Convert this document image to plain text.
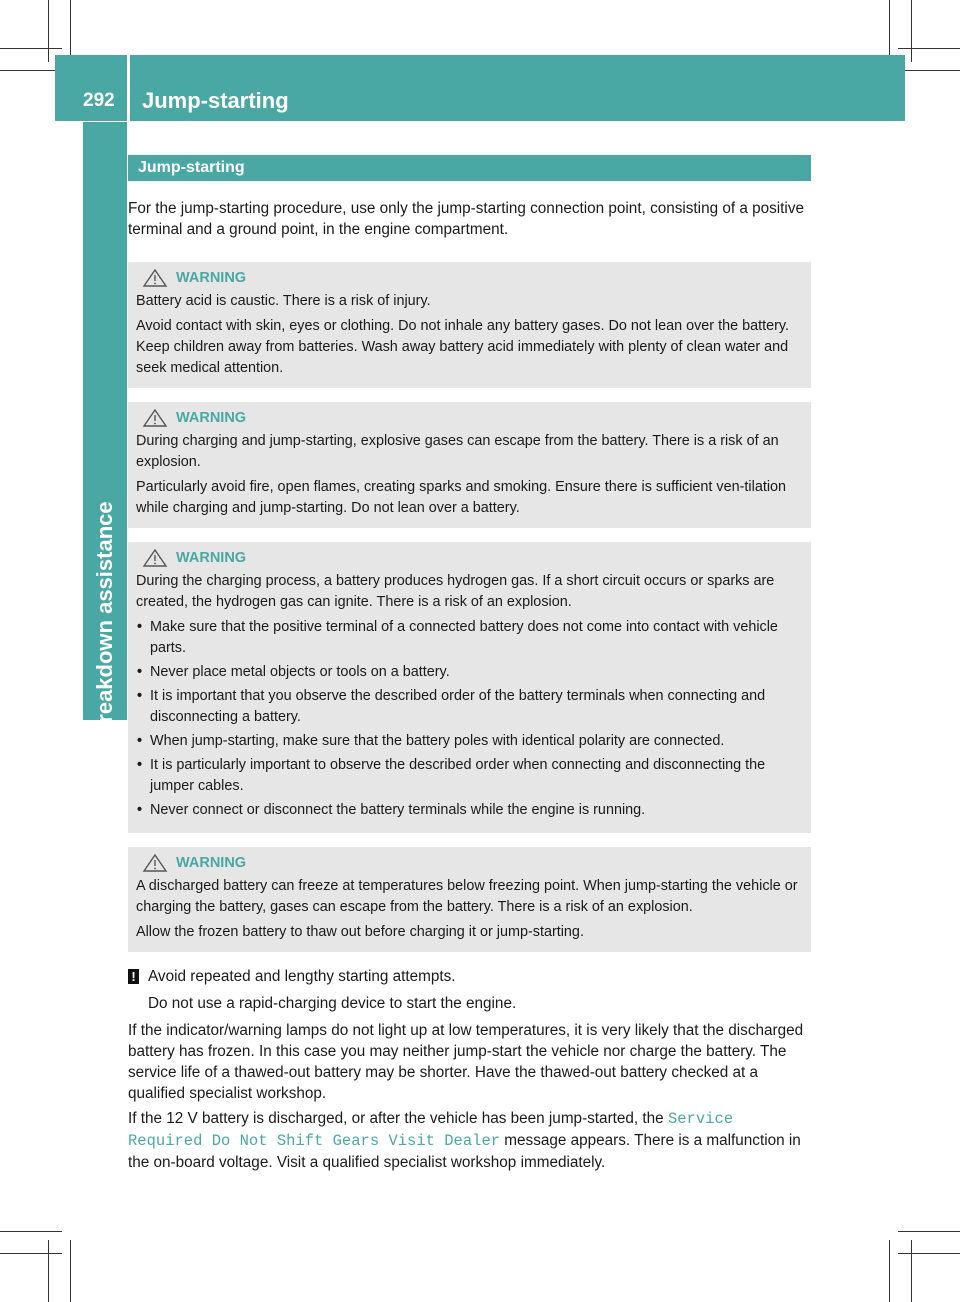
292 Jump-starting
Breakdown assistance
Jump-starting

For the jump-starting procedure, use only the jump-starting connection point, consisting of a positive terminal and a ground point, in the engine compartment.

WARNING

Battery acid is caustic. There is a risk of injury.

Avoid contact with skin, eyes or clothing. Do not inhale any battery gases. Do not lean over the battery. Keep children away from batteries. Wash away battery acid immediately with plenty of clean water and seek medical attention.

WARNING

During charging and jump-starting, explosive gases can escape from the battery. There is a risk of an explosion.

Particularly avoid fire, open flames, creating sparks and smoking. Ensure there is sufficient ven-tilation while charging and jump-starting. Do not lean over a battery.

WARNING

During the charging process, a battery produces hydrogen gas. If a short circuit occurs or sparks are created, the hydrogen gas can ignite. There is a risk of an explosion.

• Make sure that the positive terminal of a connected battery does not come into contact with vehicle parts.
• Never place metal objects or tools on a battery.
• It is important that you observe the described order of the battery terminals when connecting and disconnecting a battery.
• When jump-starting, make sure that the battery poles with identical polarity are connected.
• It is particularly important to observe the described order when connecting and disconnecting the jumper cables.
• Never connect or disconnect the battery terminals while the engine is running.
WARNING

A discharged battery can freeze at temperatures below freezing point. When jump-starting the vehicle or charging the battery, gases can escape from the battery. There is a risk of an explosion.

Allow the frozen battery to thaw out before charging it or jump-starting.

! Avoid repeated and lengthy starting attempts.

Do not use a rapid-charging device to start the engine.

If the indicator/warning lamps do not light up at low temperatures, it is very likely that the discharged battery has frozen. In this case you may neither jump-start the vehicle nor charge the battery. The service life of a thawed-out battery may be shorter. Have the thawed-out battery checked at a qualified specialist workshop.

If the 12 V battery is discharged, or after the vehicle has been jump-started, the Service Required Do Not Shift Gears Visit Dealer message appears. There is a malfunction in the on-board voltage. Visit a qualified specialist workshop immediately.
